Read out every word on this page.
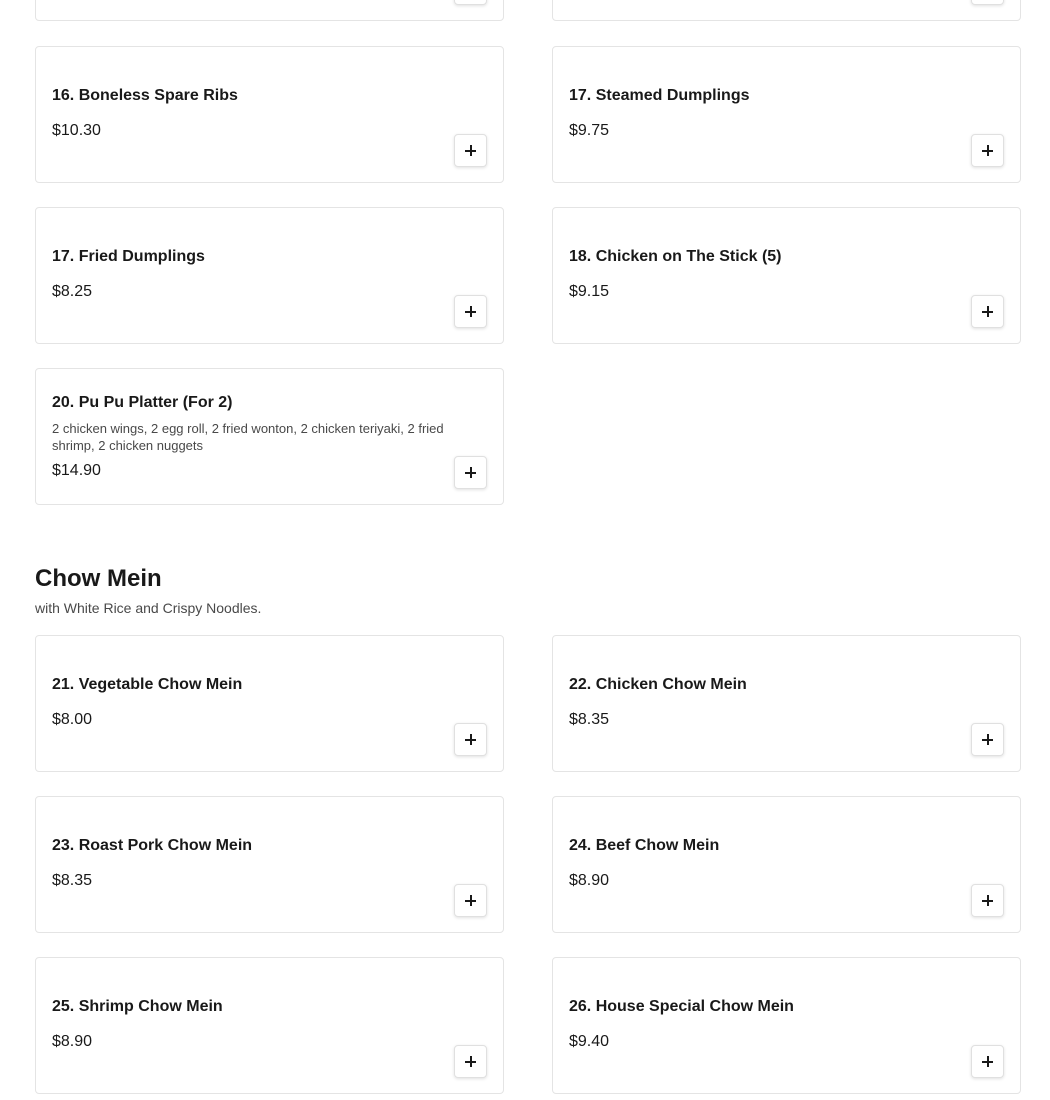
16. Boneless Spare Ribs
$10.30
17. Steamed Dumplings
$9.75
17. Fried Dumplings
$8.25
18. Chicken on The Stick (5)
$9.15
20. Pu Pu Platter (For 2)
2 chicken wings, 2 egg roll, 2 fried wonton, 2 chicken teriyaki, 2 fried shrimp, 2 chicken nuggets
$14.90
Chow Mein
with White Rice and Crispy Noodles.
21. Vegetable Chow Mein
$8.00
22. Chicken Chow Mein
$8.35
23. Roast Pork Chow Mein
$8.35
24. Beef Chow Mein
$8.90
25. Shrimp Chow Mein
$8.90
26. House Special Chow Mein
$9.40
